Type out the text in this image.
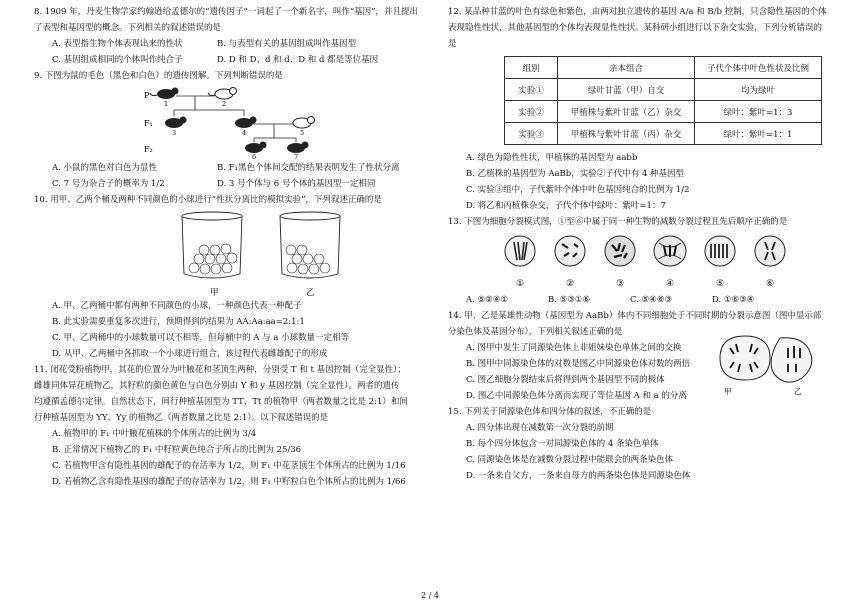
8. 1909 年，丹麦生物学家约翰逊给孟德尔的“遗传因子”一词起了一个新名字，叫作“基因”，并且提出
了表型和基因型的概念。下列相关的叙述错误的是
A. 表型指生物个体表现出来的性状	B. 与表型有关的基因组成叫作基因型
C. 基因组成相同的个体叫作纯合子	D. D 和 D、d 和 d、D 和 d 都是等位基因
9. 下图为鼠的毛色（黑色和白色）的遗传图解。下列判断错误的是
P
F₁
F₂
1	2
3	4	5
6	7
A. 小鼠的黑色对白色为显性	B. F₁黑色个体间交配的结果表明发生了性状分离
C. 7 号为杂合子的概率为 1/2	D. 3 号个体与 6 号个体的基因型一定相同
10. 用甲、乙两个桶及两种不同颜色的小球进行“性状分离比的模拟实验”，下列叙述正确的是
甲	乙
A. 甲、乙两桶中都有两种不同颜色的小球，一种颜色代表一种配子
B. 此实验需要重复多次进行，预期得到的结果为 AA:Aa:aa=2:1:1
C. 甲、乙两桶中的小球数量可以不相等，但每桶中的 A 与 a 小球数量一定相等
D. 从甲、乙两桶中各抓取一个小球进行组合，该过程代表雌雄配子的形成
11. 闭花受粉植物甲，其花的位置分为叶腋花和茎顶生两种，分别受 T 和 t 基因控制（完全显性）；
雌雄同体异花植物乙，其籽粒的颜色黄色与白色分别由 Y 和 y 基因控制（完全显性）。两者的遗传
均遵循孟德尔定律。自然状态下，间行种植基因型为 TT、Tt 的植物甲（两者数量之比是 2:1）和间
行种植基因型为 YY、Yy 的植物乙（两者数量之比是 2:1）。以下叙述错误的是
A. 植物甲的 F₁ 中叶腋花植株的个体所占的比例为 3/4
B. 正常情况下植物乙的 F₁ 中籽粒黄色纯合子所占的比例为 25/36
C. 若植物甲含有隐性基因的雄配子的存活率为 1/2，则 F₁ 中花茎顶生个体所占的比例为 1/16
D. 若植物乙含有隐性基因的雄配子的存活率为 1/2，则 F₁ 中籽粒白色个体所占的比例为 1/66
12. 某品种甘蓝的叶色有绿色和紫色，由两对独立遗传的基因 A/a 和 B/b 控制，只含隐性基因的个体
表现隐性性状，其他基因型的个体均表现显性性状。某科研小组进行以下杂交实验，下列分析错误的
是
组别	亲本组合	子代个体中叶色性状及比例
实验①	绿叶甘蓝（甲）自交	均为绿叶
实验②	甲植株与紫叶甘蓝（乙）杂交	绿叶：紫叶=1：3
实验③	甲植株与紫叶甘蓝（丙）杂交	绿叶：紫叶=1：1
A. 绿色为隐性性状，甲植株的基因型为 aabb
B. 乙植株的基因型为 AaBb，实验②子代中有 4 种基因型
C. 实验③组中，子代紫叶个体中叶色基因纯合的比例为 1/2
D. 将乙和丙植株杂交，子代个体中绿叶：紫叶=1：7
13. 下图为细胞分裂模式图，①至⑥中属于同一种生物的减数分裂过程且先后顺序正确的是
①	②	③	④	⑤	⑥
A. ⑤②④①	B. ⑤③①⑥	C. ⑤④⑥③	D. ①⑥③④
14. 甲、乙是某雄性动物（基因型为 AaBb）体内不同细胞处于不同时期的分裂示意图（图中显示部
分染色体及基因分布），下列相关叙述正确的是
A. 图甲中发生了同源染色体上非姐妹染色单体之间的交换
B. 图甲中同源染色体的对数是图乙中同源染色体对数的两倍
C. 图乙细胞分裂结束后将得到两个基因型不同的极体
D. 图乙中同源染色体分离而实现了等位基因 A 和 a 的分离	甲	乙
15. 下列关于同源染色体和四分体的叙述，不正确的是
A. 四分体出现在减数第一次分裂的前期
B. 每个四分体包含一对同源染色体的 4 条染色单体
C. 同源染色体是在减数分裂过程中能联会的两条染色体
D. 一条来自父方，一条来自母方的两条染色体是同源染色体
2 / 4
